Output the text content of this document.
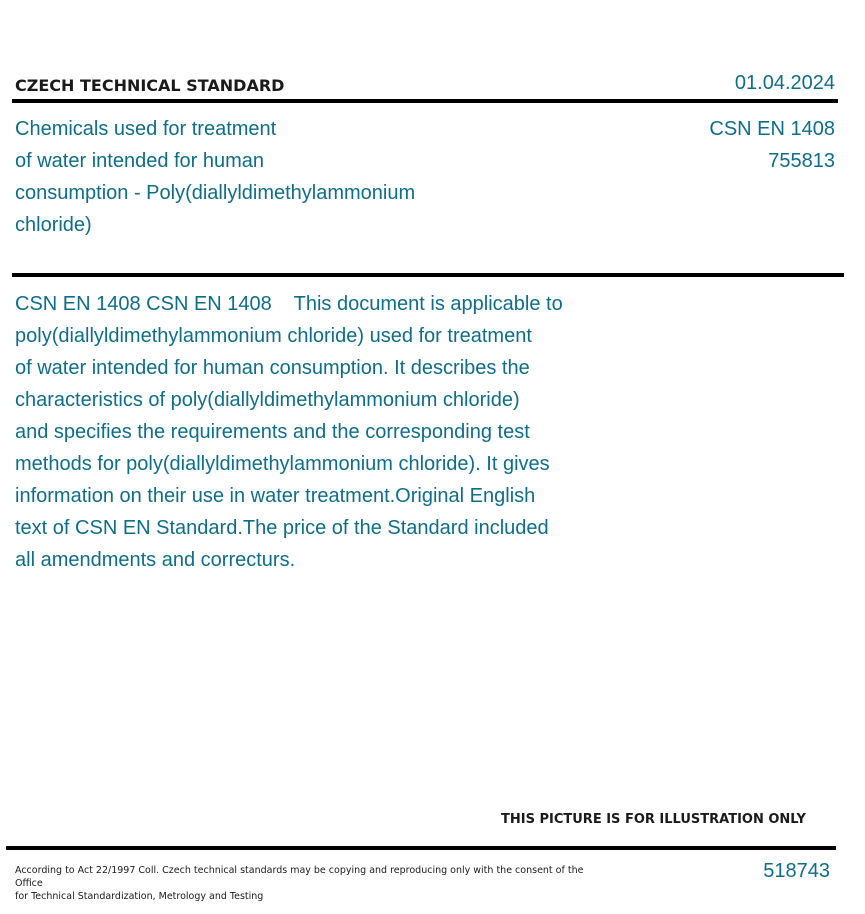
CZECH TECHNICAL STANDARD	01.04.2024
Chemicals used for treatment
of water intended for human
consumption - Poly(diallyldimethylammonium
chloride)
CSN EN 1408
755813
CSN EN 1408 CSN EN 1408    This document is applicable to
poly(diallyldimethylammonium chloride) used for treatment
of water intended for human consumption. It describes the
characteristics of poly(diallyldimethylammonium chloride)
and specifies the requirements and the corresponding test
methods for poly(diallyldimethylammonium chloride). It gives
information on their use in water treatment.Original English
text of CSN EN Standard.The price of the Standard included
all amendments and correcturs.
THIS PICTURE IS FOR ILLUSTRATION ONLY
According to Act 22/1997 Coll. Czech technical standards may be copying and reproducing only with the consent of the Office
for Technical Standardization, Metrology and Testing
518743
